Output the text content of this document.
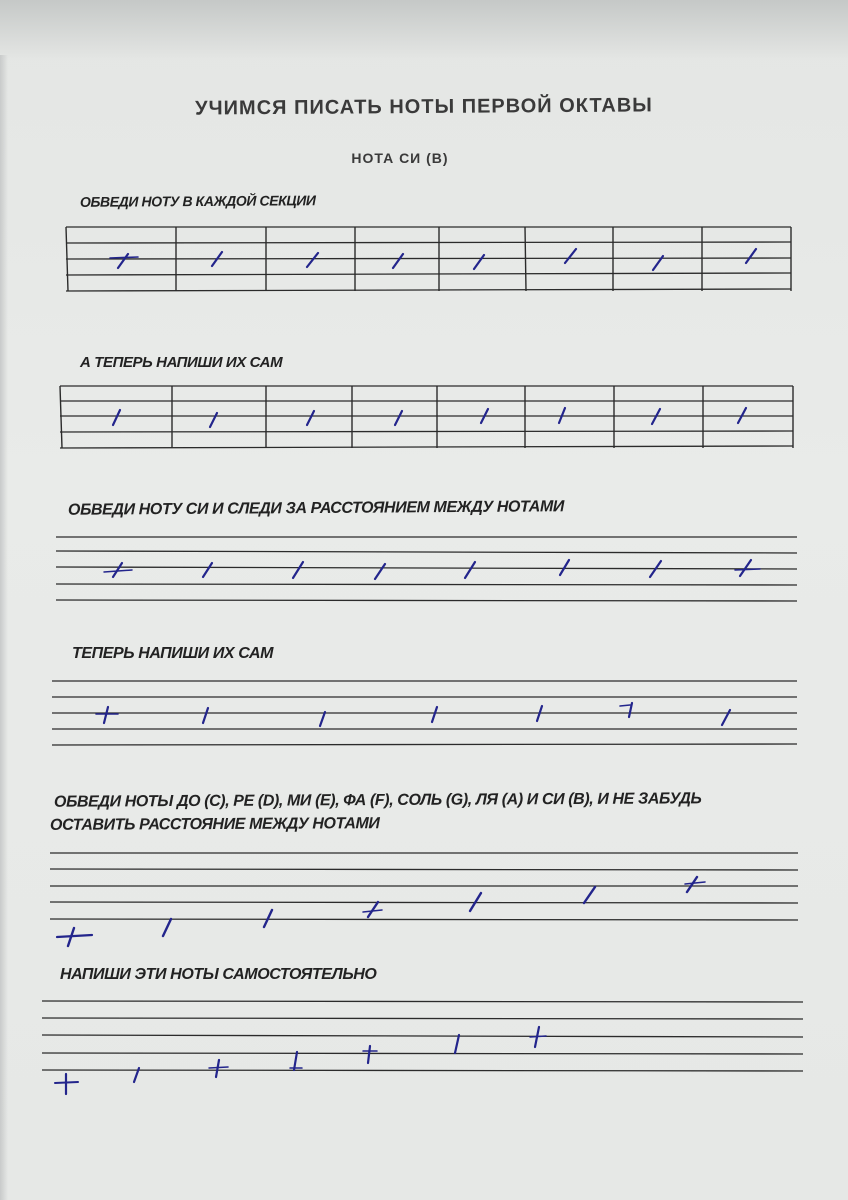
УЧИМСЯ ПИСАТЬ НОТЫ ПЕРВОЙ ОКТАВЫ
НОТА СИ (B)
ОБВЕДИ НОТУ В КАЖДОЙ СЕКЦИИ
А ТЕПЕРЬ НАПИШИ ИХ САМ
ОБВЕДИ НОТУ СИ И СЛЕДИ ЗА РАССТОЯНИЕМ МЕЖДУ НОТАМИ
ТЕПЕРЬ НАПИШИ ИХ САМ
ОБВЕДИ НОТЫ ДО (C), РЕ (D), МИ (E), ФА (F), СОЛЬ (G), ЛЯ (A) И СИ (B), И НЕ ЗАБУДЬ
ОСТАВИТЬ РАССТОЯНИЕ МЕЖДУ НОТАМИ
НАПИШИ ЭТИ НОТЫ САМОСТОЯТЕЛЬНО
